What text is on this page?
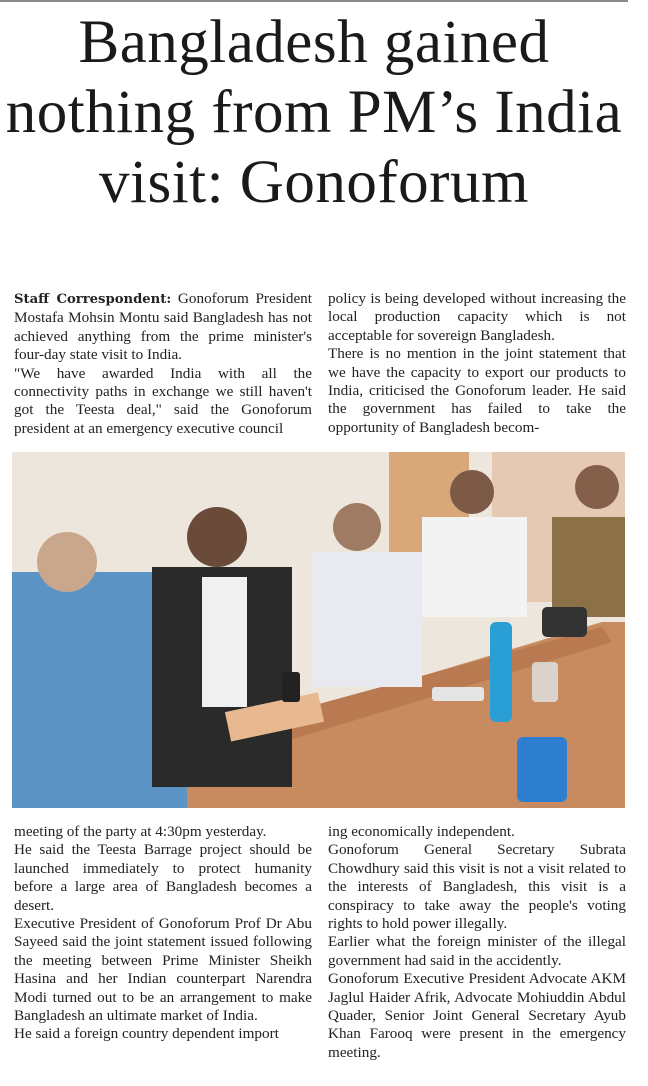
Bangladesh gained nothing from PM’s India visit: Gonoforum

Staff Correspondent: Gonoforum President Mostafa Mohsin Montu said Bangladesh has not achieved anything from the prime minister's four-day state visit to India.

"We have awarded India with all the connectivity paths in exchange we still haven't got the Teesta deal," said the Gonoforum president at an emergency executive council

policy is being developed without increasing the local production capacity which is not acceptable for sovereign Bangladesh.

There is no mention in the joint statement that we have the capacity to export our products to India, criticised the Gonoforum leader. He said the government has failed to take the opportunity of Bangladesh becom-

meeting of the party at 4:30pm yesterday.

He said the Teesta Barrage project should be launched immediately to protect humanity before a large area of Bangladesh becomes a desert.

Executive President of Gonoforum Prof Dr Abu Sayeed said the joint statement issued following the meeting between Prime Minister Sheikh Hasina and her Indian counterpart Narendra Modi turned out to be an arrangement to make Bangladesh an ultimate market of India.

He said a foreign country dependent import

ing economically independent.

Gonoforum General Secretary Subrata Chowdhury said this visit is not a visit related to the interests of Bangladesh, this visit is a conspiracy to take away the people's voting rights to hold power illegally.

Earlier what the foreign minister of the illegal government had said in the accidently.

Gonoforum Executive President Advocate AKM Jaglul Haider Afrik, Advocate Mohiuddin Abdul Quader, Senior Joint General Secretary Ayub Khan Farooq were present in the emergency meeting.
